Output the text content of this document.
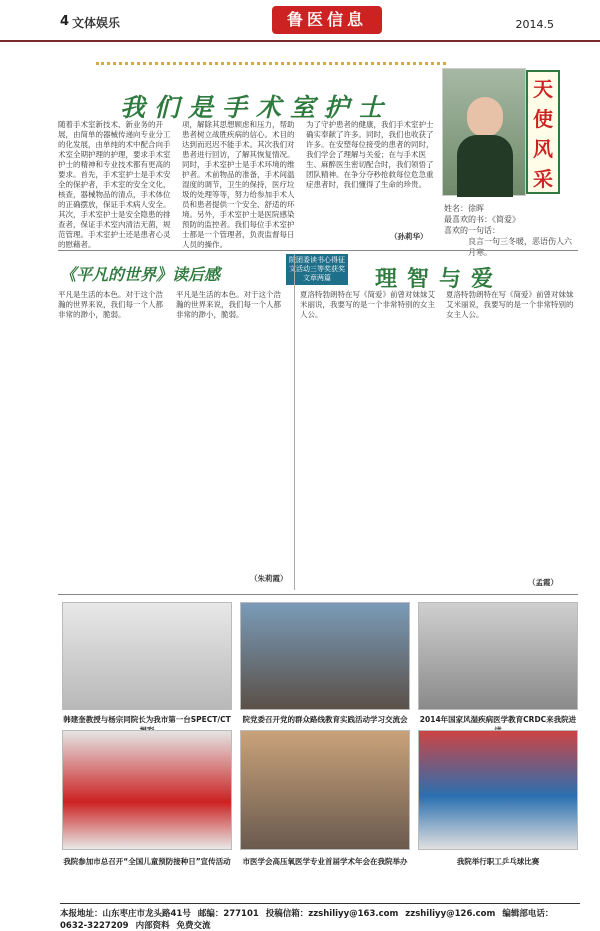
4 文体娱乐	鲁医信息	2014.5
我们是手术室护士
随着手术室新技术、新业务的开展，由简单的器械传递向专业分工的化发展，由单纯的术中配合向手术室全期护理的护理，要求手术室护士的精神和专业技术都有更高的要求。首先，手术室护士是手术安全的保护者，手术室的安全文化，核查，器械物品的清点，手术体位的正确摆放，保证手术病人安全。其次，手术室护士是安全隐患的排查者，保证手术室内清洁无菌，规范管理。手术室护士还是患者心灵的慰藉者。
项，解除其思想顾虑和压力，帮助患者树立战胜疾病的信心。术目的达到而迟迟不能手术。其次我们对患者进行回访，了解其恢复情况。同时，手术室护士是手术环境的维护者。术前物品的准备，手术间温湿度的调节，卫生的保持，医疗垃圾的处理等等，努力给参加手术人员和患者提供一个安全、舒适的环境。另外，手术室护士是医院感染预防的监控者。我们每位手术室护士都是一个管理者，负责监督每日人员的操作。
为了守护患者的健康，我们手术室护士确实奉献了许多。同时，我们也收获了许多。在安塑每位接受的患者的同时，我们学会了理解与关爱；在与手术医生、麻醉医生密切配合时，我们领悟了团队精神。在争分夺秒抢救每位危急重症患者时，我们懂得了生命的珍贵。
（孙莉华）
天使风采
姓名：徐晖
最喜欢的书：《简爱》
喜欢的一句话：
良言一句三冬暖，恶语伤人六月寒。
院团委读书心得征文活动三等奖获奖文章两篇
《平凡的世界》读后感	理智与爱
平凡是生活的本色。对于这个浩瀚的世界来说，我们每一个人都非常的渺小，脆弱。
平凡是生活的本色。对于这个浩瀚的世界来说，我们每一个人都非常的渺小，脆弱。
（朱莉霞）
夏洛特勃朗特在写《简爱》前曾对妹妹艾米丽说，我要写的是一个非常特别的女主人公。
夏洛特勃朗特在写《简爱》前曾对妹妹艾米丽说，我要写的是一个非常特别的女主人公。
（孟霞）
韩建奎教授与杨宗同院长为我市第一台SPECT/CT	院党委召开党的群众路线教育实践活动学习交流会	2014年国家风湿疾病医学教育CRDC来我院进
我院参加市总召开“全国儿童预防接种日”宣传活动	市医学会高压氧医学专业首届学术年会在我院举办	我院举行职工乒乓球比赛
本报地址：山东枣庄市龙头路41号 邮编：277101 投稿信箱：zzshiliyy@163.com zzshiliyy@126.com 编辑部电话：0632-3227209 内部资料 免费交流
